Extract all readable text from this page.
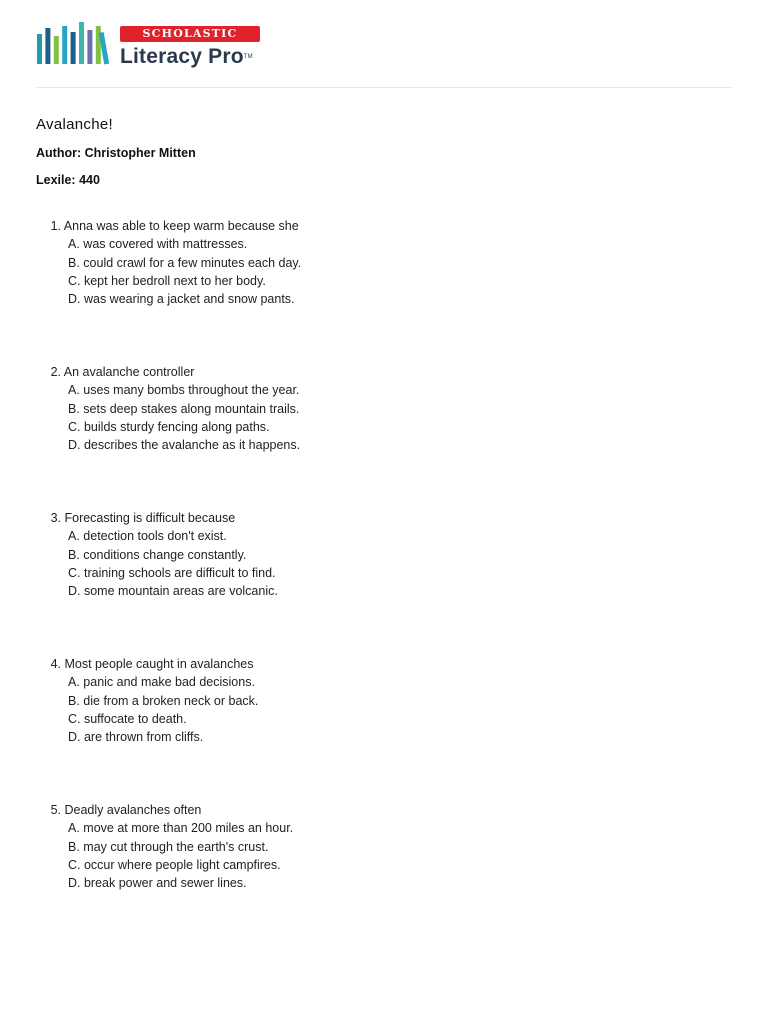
SCHOLASTIC
Literacy Pro™
Avalanche!
Author: Christopher Mitten
Lexile: 440
1. Anna was able to keep warm because she
A. was covered with mattresses.
B. could crawl for a few minutes each day.
C. kept her bedroll next to her body.
D. was wearing a jacket and snow pants.
2. An avalanche controller
A. uses many bombs throughout the year.
B. sets deep stakes along mountain trails.
C. builds sturdy fencing along paths.
D. describes the avalanche as it happens.
3. Forecasting is difficult because
A. detection tools don't exist.
B. conditions change constantly.
C. training schools are difficult to find.
D. some mountain areas are volcanic.
4. Most people caught in avalanches
A. panic and make bad decisions.
B. die from a broken neck or back.
C. suffocate to death.
D. are thrown from cliffs.
5. Deadly avalanches often
A. move at more than 200 miles an hour.
B. may cut through the earth's crust.
C. occur where people light campfires.
D. break power and sewer lines.
